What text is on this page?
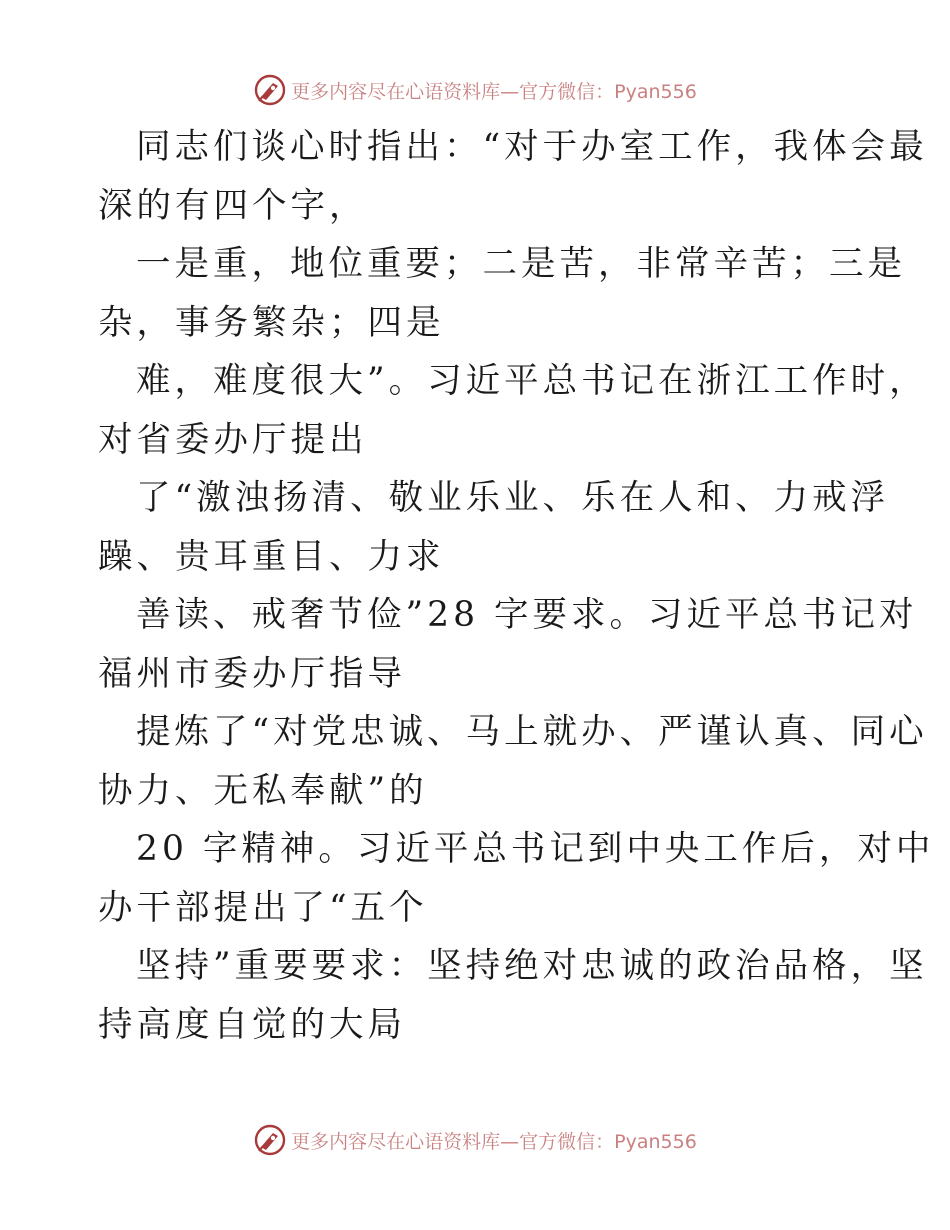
更多内容尽在心语资料库—官方微信：Pyan556
同志们谈心时指出：“对于办室工作，我体会最
深的有四个字，
一是重，地位重要；二是苦，非常辛苦；三是
杂，事务繁杂；四是
难，难度很大”。习近平总书记在浙江工作时，
对省委办厅提出
了“激浊扬清、敬业乐业、乐在人和、力戒浮
躁、贵耳重目、力求
善读、戒奢节俭”28 字要求。习近平总书记对
福州市委办厅指导
提炼了“对党忠诚、马上就办、严谨认真、同心
协力、无私奉献”的
20 字精神。习近平总书记到中央工作后，对中
办干部提出了“五个
坚持”重要要求：坚持绝对忠诚的政治品格，坚
持高度自觉的大局
更多内容尽在心语资料库—官方微信：Pyan556
